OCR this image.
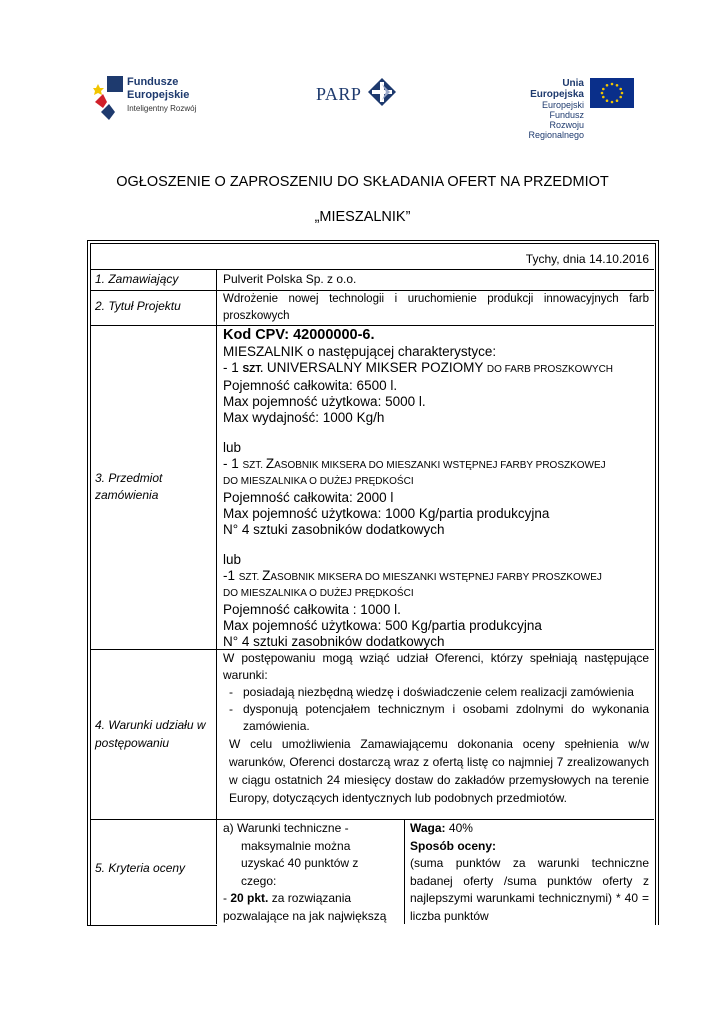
Fundusze
Europejskie
Inteligentny Rozwój
PARP
Unia Europejska
Europejski Fundusz
Rozwoju Regionalnego
OGŁOSZENIE O ZAPROSZENIU DO SKŁADANIA OFERT NA PRZEDMIOT
„MIESZALNIK”
Tychy, dnia 14.10.2016
1. Zamawiający	Pulverit Polska Sp. z o.o.
2. Tytuł Projektu	Wdrożenie nowej technologii i uruchomienie produkcji innowacyjnych farb proszkowych
3. Przedmiot
zamówienia
Kod CPV: 42000000-6.
MIESZALNIK o następującej charakterystyce:
- 1 SZT. UNIVERSALNY MIKSER POZIOMY DO FARB PROSZKOWYCH
Pojemność całkowita: 6500 l.
Max pojemność użytkowa: 5000 l.
Max wydajność: 1000 Kg/h
lub
- 1 SZT. ZASOBNIK MIKSERA DO MIESZANKI WSTĘPNEJ FARBY PROSZKOWEJ
DO MIESZALNIKA O DUŻEJ PRĘDKOŚCI
Pojemność całkowita: 2000 l
Max pojemność użytkowa: 1000 Kg/partia produkcyjna
N° 4 sztuki zasobników dodatkowych
lub
-1 SZT. ZASOBNIK MIKSERA DO MIESZANKI WSTĘPNEJ FARBY PROSZKOWEJ
DO MIESZALNIKA O DUŻEJ PRĘDKOŚCI
Pojemność całkowita : 1000 l.
Max pojemność użytkowa: 500 Kg/partia produkcyjna
N° 4 sztuki zasobników dodatkowych
4. Warunki udziału w
postępowaniu
W postępowaniu mogą wziąć udział Oferenci, którzy spełniają następujące warunki:
- posiadają niezbędną wiedzę i doświadczenie celem realizacji zamówienia
- dysponują potencjałem technicznym i osobami zdolnymi do wykonania zamówienia.
W celu umożliwienia Zamawiającemu dokonania oceny spełnienia w/w warunków, Oferenci dostarczą wraz z ofertą listę co najmniej 7 zrealizowanych w ciągu ostatnich 24 miesięcy dostaw do zakładów przemysłowych na terenie Europy, dotyczących identycznych lub podobnych przedmiotów.
5. Kryteria oceny
a) Warunki techniczne -
maksymalnie można
uzyskać 40 punktów z
czego:
- 20 pkt. za rozwiązania
pozwalające na jak największą
Waga: 40%
Sposób oceny:
(suma punktów za warunki techniczne badanej oferty /suma punktów oferty z najlepszymi warunkami technicznymi) * 40 = liczba punktów
